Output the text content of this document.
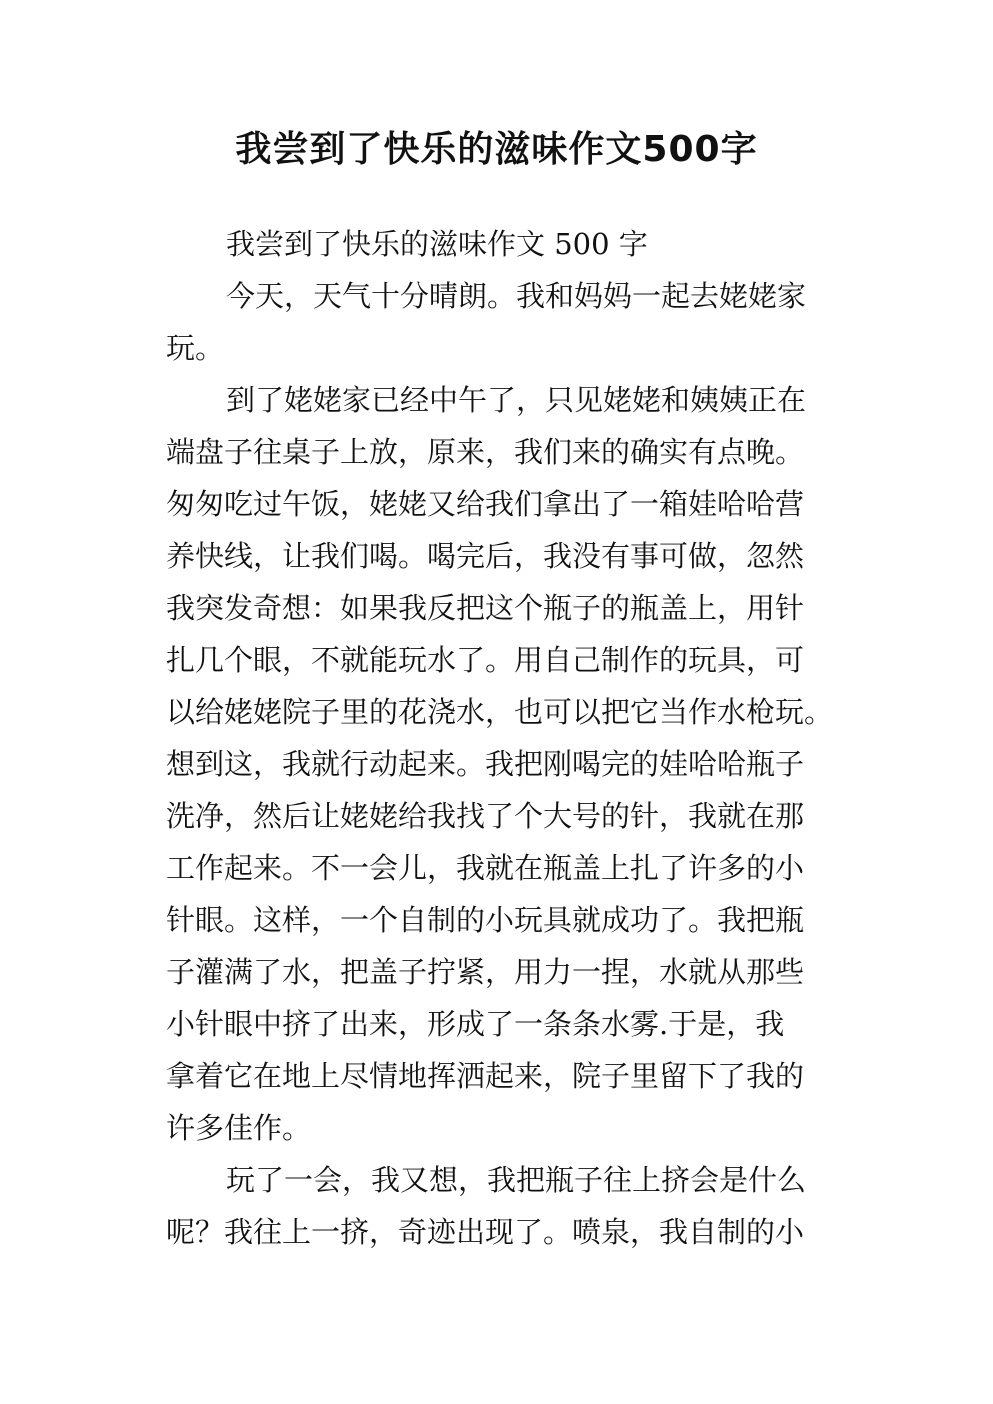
我尝到了快乐的滋味作文500字
我尝到了快乐的滋味作文 500 字
今天，天气十分晴朗。我和妈妈一起去姥姥家
玩。
到了姥姥家已经中午了，只见姥姥和姨姨正在
端盘子往桌子上放，原来，我们来的确实有点晚。
匆匆吃过午饭，姥姥又给我们拿出了一箱娃哈哈营
养快线，让我们喝。喝完后，我没有事可做，忽然
我突发奇想：如果我反把这个瓶子的瓶盖上，用针
扎几个眼，不就能玩水了。用自己制作的玩具，可
以给姥姥院子里的花浇水，也可以把它当作水枪玩。
想到这，我就行动起来。我把刚喝完的娃哈哈瓶子
洗净，然后让姥姥给我找了个大号的针，我就在那
工作起来。不一会儿，我就在瓶盖上扎了许多的小
针眼。这样，一个自制的小玩具就成功了。我把瓶
子灌满了水，把盖子拧紧，用力一捏，水就从那些
小针眼中挤了出来，形成了一条条水雾.于是，我
拿着它在地上尽情地挥洒起来，院子里留下了我的
许多佳作。
玩了一会，我又想，我把瓶子往上挤会是什么
呢？我往上一挤，奇迹出现了。喷泉，我自制的小
